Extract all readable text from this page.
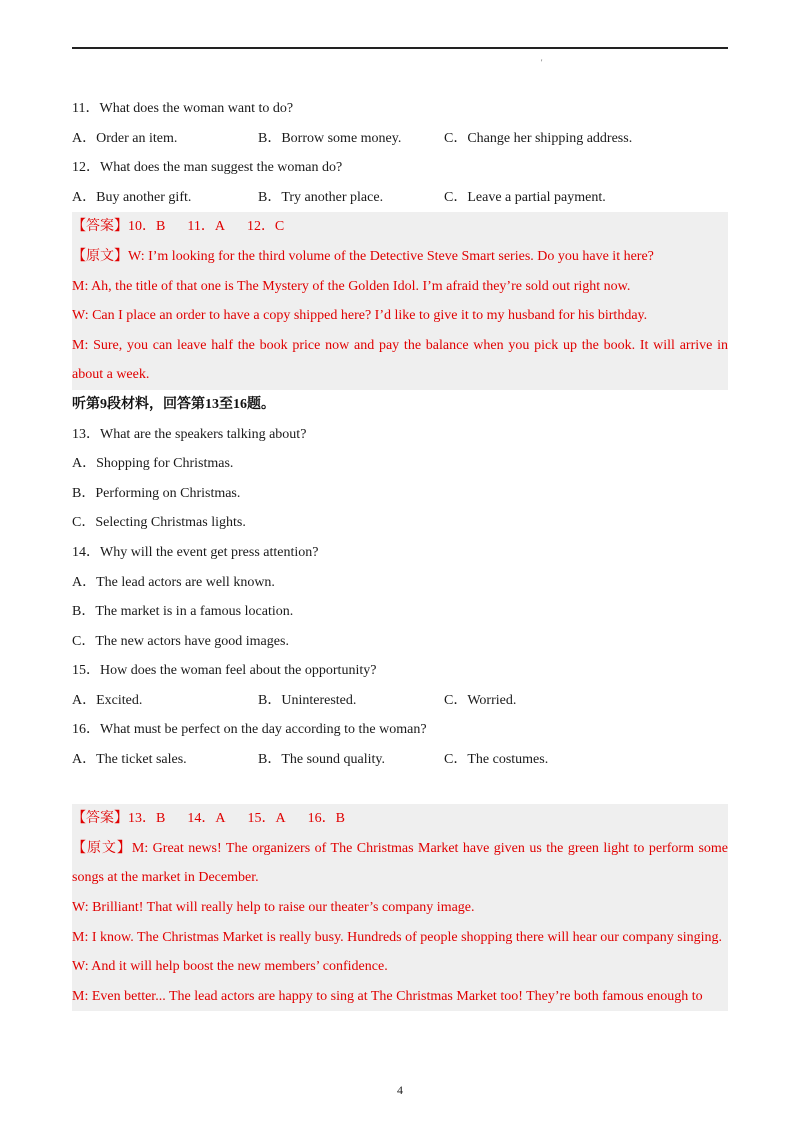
'
11．What does the woman want to do?
A．Order an item.	B．Borrow some money.	C．Change her shipping address.
12．What does the man suggest the woman do?
A．Buy another gift.	B．Try another place.	C．Leave a partial payment.
【答案】10．B 11．A 12．C
【原文】W: I’m looking for the third volume of the Detective Steve Smart series. Do you have it here?
M: Ah, the title of that one is The Mystery of the Golden Idol. I’m afraid they’re sold out right now.
W: Can I place an order to have a copy shipped here? I’d like to give it to my husband for his birthday.
M: Sure, you can leave half the book price now and pay the balance when you pick up the book. It will arrive in about a week.
听第9段材料，回答第13至16题。
13．What are the speakers talking about?
A．Shopping for Christmas.
B．Performing on Christmas.
C．Selecting Christmas lights.
14．Why will the event get press attention?
A．The lead actors are well known.
B．The market is in a famous location.
C．The new actors have good images.
15．How does the woman feel about the opportunity?
A．Excited.	B．Uninterested.	C．Worried.
16．What must be perfect on the day according to the woman?
A．The ticket sales.	B．The sound quality.	C．The costumes.
【答案】13．B 14．A 15．A 16．B
【原文】M: Great news! The organizers of The Christmas Market have given us the green light to perform some songs at the market in December.
W: Brilliant! That will really help to raise our theater’s company image.
M: I know. The Christmas Market is really busy. Hundreds of people shopping there will hear our company singing.
W: And it will help boost the new members’ confidence.
M: Even better... The lead actors are happy to sing at The Christmas Market too! They’re both famous enough to
4
